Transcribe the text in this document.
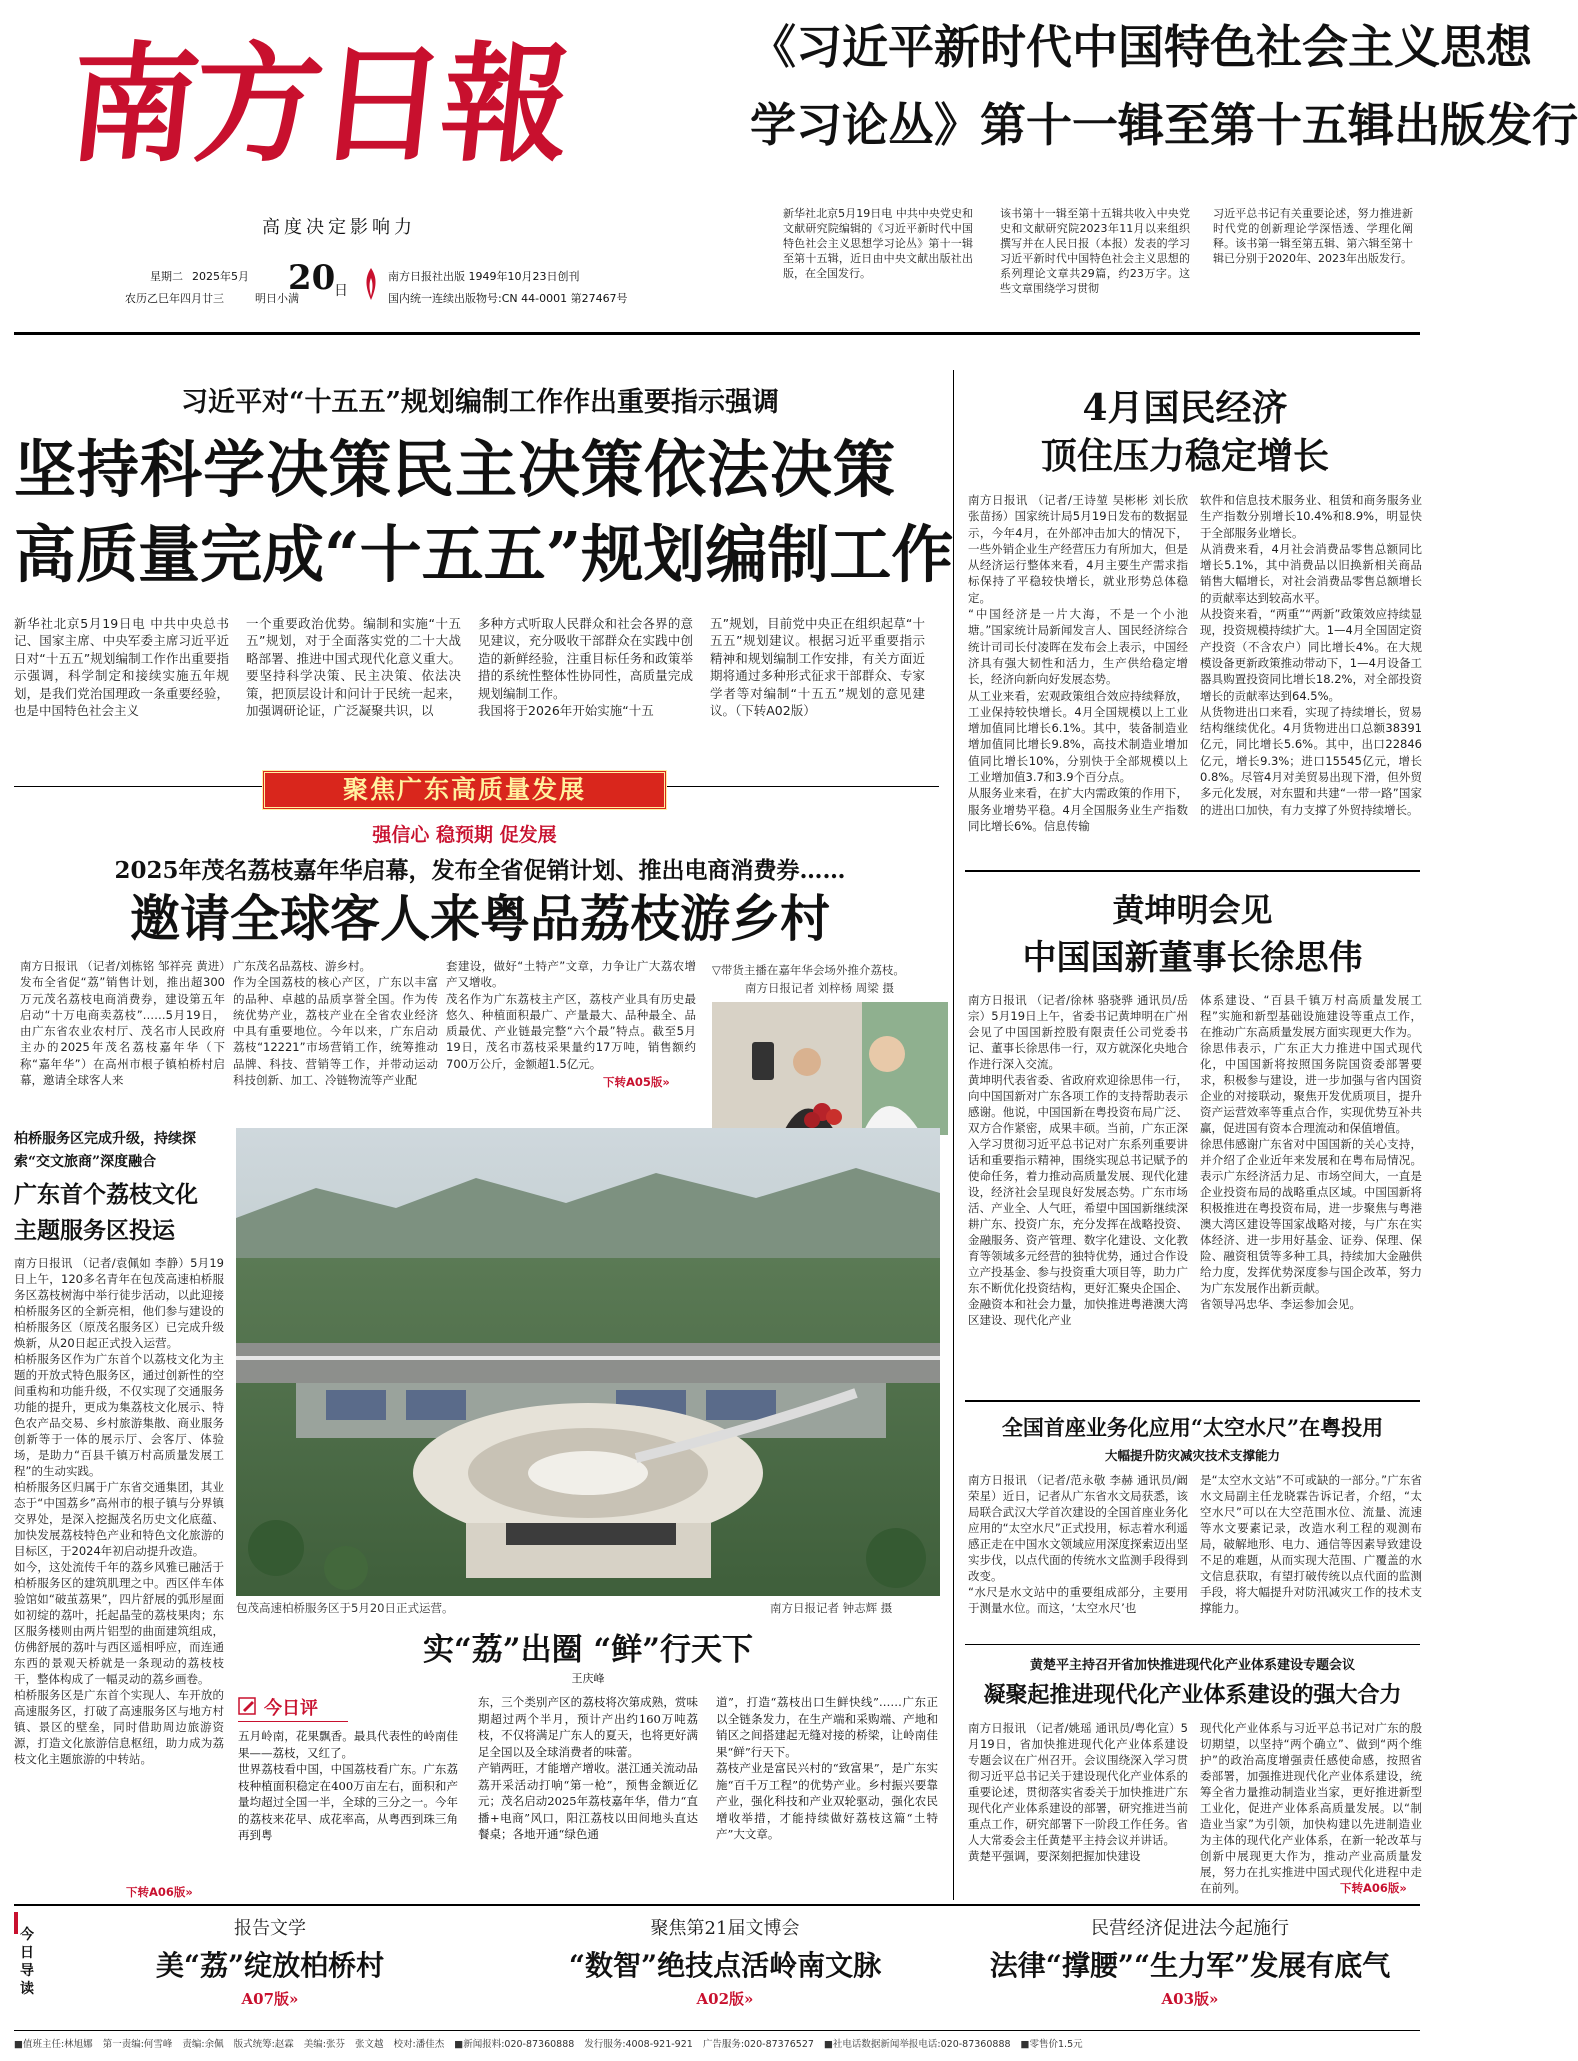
南方日報
高度决定影响力
星期二 2025年5月
农历乙巳年四月廿三	明日小满
20
日
南方日报社出版 1949年10月23日创刊
国内统一连续出版物号:CN 44-0001 第27467号
《习近平新时代中国特色社会主义思想
学习论丛》第十一辑至第十五辑出版发行
新华社北京5月19日电 中共中央党史和文献研究院编辑的《习近平新时代中国特色社会主义思想学习论丛》第十一辑至第十五辑，近日由中央文献出版社出版，在全国发行。
该书第十一辑至第十五辑共收入中央党史和文献研究院2023年11月以来组织撰写并在人民日报（本报）发表的学习习近平新时代中国特色社会主义思想的系列理论文章共29篇，约23万字。这些文章围绕学习贯彻
习近平总书记有关重要论述，努力推进新时代党的创新理论学深悟透、学理化阐释。该书第一辑至第五辑、第六辑至第十辑已分别于2020年、2023年出版发行。
习近平对“十五五”规划编制工作作出重要指示强调
坚持科学决策民主决策依法决策
高质量完成“十五五”规划编制工作
新华社北京5月19日电 中共中央总书记、国家主席、中央军委主席习近平近日对“十五五”规划编制工作作出重要指示强调，科学制定和接续实施五年规划，是我们党治国理政一条重要经验，也是中国特色社会主义
一个重要政治优势。编制和实施“十五五”规划，对于全面落实党的二十大战略部署、推进中国式现代化意义重大。要坚持科学决策、民主决策、依法决策，把顶层设计和问计于民统一起来，加强调研论证，广泛凝聚共识，以
多种方式听取人民群众和社会各界的意见建议，充分吸收干部群众在实践中创造的新鲜经验，注重目标任务和政策举措的系统性整体性协同性，高质量完成规划编制工作。
我国将于2026年开始实施“十五
五”规划，目前党中央正在组织起草“十五五”规划建议。根据习近平重要指示精神和规划编制工作安排，有关方面近期将通过多种形式征求干部群众、专家学者等对编制“十五五”规划的意见建议。（下转A02版）
4月国民经济
顶住压力稳定增长
南方日报讯 （记者/王诗堃 吴彬彬 刘长欣 张苗扬）国家统计局5月19日发布的数据显示，今年4月，在外部冲击加大的情况下，一些外销企业生产经营压力有所加大，但是从经济运行整体来看，4月主要生产需求指标保持了平稳较快增长，就业形势总体稳定。
“中国经济是一片大海，不是一个小池塘。”国家统计局新闻发言人、国民经济综合统计司司长付凌晖在发布会上表示，中国经济具有强大韧性和活力，生产供给稳定增长，经济向新向好发展态势。
从工业来看，宏观政策组合效应持续释放，工业保持较快增长。4月全国规模以上工业增加值同比增长6.1%。其中，装备制造业增加值同比增长9.8%，高技术制造业增加值同比增长10%，分别快于全部规模以上工业增加值3.7和3.9个百分点。
从服务业来看，在扩大内需政策的作用下，服务业增势平稳。4月全国服务业生产指数同比增长6%。信息传输
软件和信息技术服务业、租赁和商务服务业生产指数分别增长10.4%和8.9%，明显快于全部服务业增长。
从消费来看，4月社会消费品零售总额同比增长5.1%，其中消费品以旧换新相关商品销售大幅增长，对社会消费品零售总额增长的贡献率达到较高水平。
从投资来看，“两重”“两新”政策效应持续显现，投资规模持续扩大。1—4月全国固定资产投资（不含农户）同比增长4%。在大规模设备更新政策推动带动下，1—4月设备工器具购置投资同比增长18.2%，对全部投资增长的贡献率达到64.5%。
从货物进出口来看，实现了持续增长，贸易结构继续优化。4月货物进出口总额38391亿元，同比增长5.6%。其中，出口22846亿元，增长9.3%；进口15545亿元，增长0.8%。尽管4月对美贸易出现下滑，但外贸多元化发展，对东盟和共建“一带一路”国家的进出口加快，有力支撑了外贸持续增长。
聚焦广东高质量发展
强信心 稳预期 促发展
2025年茂名荔枝嘉年华启幕，发布全省促销计划、推出电商消费券……
邀请全球客人来粤品荔枝游乡村
南方日报讯 （记者/刘栋铭 邹祥亮 黄进）发布全省促“荔”销售计划，推出超300万元茂名荔枝电商消费券，建设第五年启动“十万电商卖荔枝”……5月19日，由广东省农业农村厅、茂名市人民政府主办的2025年茂名荔枝嘉年华（下称“嘉年华”）在高州市根子镇柏桥村启幕，邀请全球客人来
广东茂名品荔枝、游乡村。
作为全国荔枝的核心产区，广东以丰富的品种、卓越的品质享誉全国。作为传统优势产业，荔枝产业在全省农业经济中具有重要地位。今年以来，广东启动荔枝“12221”市场营销工作，统筹推动品牌、科技、营销等工作，并带动运动科技创新、加工、冷链物流等产业配
套建设，做好“土特产”文章，力争让广大荔农增产又增收。
茂名作为广东荔枝主产区，荔枝产业具有历史最悠久、种植面积最广、产量最大、品种最全、品质最优、产业链最完整“六个最”特点。截至5月19日，茂名市荔枝采果量约17万吨，销售额约700万公斤，金额超1.5亿元。
下转A05版»
▽带货主播在嘉年华会场外推介荔枝。
南方日报记者 刘梓杨 周梁 摄
柏桥服务区完成升级，持续探索“交文旅商”深度融合
广东首个荔枝文化
主题服务区投运
南方日报讯 （记者/袁佩如 李静）5月19日上午，120多名青年在包茂高速柏桥服务区荔枝树海中举行徒步活动，以此迎接柏桥服务区的全新亮相，他们参与建设的柏桥服务区（原茂名服务区）已完成升级焕新，从20日起正式投入运营。
柏桥服务区作为广东首个以荔枝文化为主题的开放式特色服务区，通过创新性的空间重构和功能升级，不仅实现了交通服务功能的提升，更成为集荔枝文化展示、特色农产品交易、乡村旅游集散、商业服务创新等于一体的展示厅、会客厅、体验场，是助力“百县千镇万村高质量发展工程”的生动实践。
柏桥服务区归属于广东省交通集团，其业态于“中国荔乡”高州市的根子镇与分界镇交界处，是深入挖掘茂名历史文化底蕴、加快发展荔枝特色产业和特色文化旅游的目标区，于2024年初启动提升改造。
如今，这处流传千年的荔乡风雅已融活于柏桥服务区的建筑肌理之中。西区伴车体验馆如“破茧荔果”，四片舒展的弧形屋面如初绽的荔叶，托起晶莹的荔枝果肉；东区服务楼则由两片铝型的曲面建筑组成，仿佛舒展的荔叶与西区遥相呼应，而连通东西的景观天桥就是一条现动的荔枝枝干，整体构成了一幅灵动的荔乡画卷。
柏桥服务区是广东首个实现人、车开放的高速服务区，打破了高速服务区与地方村镇、景区的壁垒，同时借助周边旅游资源，打造文化旅游信息枢纽，助力成为荔枝文化主题旅游的中转站。
下转A06版»
包茂高速柏桥服务区于5月20日正式运营。	南方日报记者 钟志辉 摄
实“荔”出圈 “鲜”行天下
王庆峰
今日评
五月岭南，花果飘香。最具代表性的岭南佳果——荔枝，又红了。
世界荔枝看中国，中国荔枝看广东。广东荔枝种植面积稳定在400万亩左右，面积和产量均超过全国一半，全球的三分之一。今年的荔枝来花早、成花率高，从粤西到珠三角再到粤
东，三个类别产区的荔枝将次第成熟，赏味期超过两个半月，预计产出约160万吨荔枝，不仅将满足广东人的夏天，也将更好满足全国以及全球消费者的味蕾。
产销两旺，才能增产增收。湛江通关流动品荔开采活动打响“第一枪”，预售金额近亿元；茂名启动2025年荔枝嘉年华，借力“直播+电商”风口，阳江荔枝以田间地头直达餐桌；各地开通“绿色通
道”，打造“荔枝出口生鲜快线”……广东正以全链条发力，在生产端和采购端、产地和销区之间搭建起无缝对接的桥梁，让岭南佳果“鲜”行天下。
荔枝产业是富民兴村的“致富果”，是广东实施“百千万工程”的优势产业。乡村振兴要靠产业，强化科技和产业双轮驱动，强化农民增收举措，才能持续做好荔枝这篇“土特产”大文章。
黄坤明会见
中国国新董事长徐思伟
南方日报讯 （记者/徐林 骆骁骅 通讯员/岳宗）5月19日上午，省委书记黄坤明在广州会见了中国国新控股有限责任公司党委书记、董事长徐思伟一行，双方就深化央地合作进行深入交流。
黄坤明代表省委、省政府欢迎徐思伟一行，向中国国新对广东各项工作的支持帮助表示感谢。他说，中国国新在粤投资布局广泛、双方合作紧密，成果丰硕。当前，广东正深入学习贯彻习近平总书记对广东系列重要讲话和重要指示精神，围绕实现总书记赋予的使命任务，着力推动高质量发展、现代化建设，经济社会呈现良好发展态势。广东市场活、产业全、人气旺，希望中国国新继续深耕广东、投资广东，充分发挥在战略投资、金融服务、资产管理、数字化建设、文化教育等领域多元经营的独特优势，通过合作设立产投基金、参与投资重大项目等，助力广东不断优化投资结构，更好汇聚央企国企、金融资本和社会力量，加快推进粤港澳大湾区建设、现代化产业
体系建设、“百县千镇万村高质量发展工程”实施和新型基础设施建设等重点工作，在推动广东高质量发展方面实现更大作为。
徐思伟表示，广东正大力推进中国式现代化，中国国新将按照国务院国资委部署要求，积极参与建设，进一步加强与省内国资企业的对接联动，聚焦开发优质项目，提升资产运营效率等重点合作，实现优势互补共赢，促进国有资本合理流动和保值增值。
徐思伟感谢广东省对中国国新的关心支持，并介绍了企业近年来发展和在粤布局情况。表示广东经济活力足、市场空间大，一直是企业投资布局的战略重点区域。中国国新将积极推进在粤投资布局，进一步聚焦与粤港澳大湾区建设等国家战略对接，与广东在实体经济、进一步用好基金、证券、保理、保险、融资租赁等多种工具，持续加大金融供给力度，发挥优势深度参与国企改革，努力为广东发展作出新贡献。
省领导冯忠华、李运参加会见。
全国首座业务化应用“太空水尺”在粤投用
大幅提升防灾减灾技术支撑能力
南方日报讯 （记者/范永敬 李赫 通讯员/阚荣星）近日，记者从广东省水文局获悉，该局联合武汉大学首次建设的全国首座业务化应用的“太空水尺”正式投用，标志着水利遥感正走在中国水文领域应用深度探索迈出坚实步伐，以点代面的传统水文监测手段得到改变。
“水尺是水文站中的重要组成部分，主要用于测量水位。而这，‘太空水尺’也
是“太空水文站”不可或缺的一部分。”广东省水文局副主任龙晓霖告诉记者，介绍，“太空水尺”可以在大空范围水位、流量、流速等水文要素记录，改造水利工程的观测布局，破解地形、电力、通信等因素导致建设不足的难题，从而实现大范围、广覆盖的水文信息获取，有望打破传统以点代面的监测手段，将大幅提升对防汛减灾工作的技术支撑能力。
黄楚平主持召开省加快推进现代化产业体系建设专题会议
凝聚起推进现代化产业体系建设的强大合力
南方日报讯 （记者/姚瑶 通讯员/粤化宣）5月19日，省加快推进现代化产业体系建设专题会议在广州召开。会议围绕深入学习贯彻习近平总书记关于建设现代化产业体系的重要论述，贯彻落实省委关于加快推进广东现代化产业体系建设的部署，研究推进当前重点工作，研究部署下一阶段工作任务。省人大常委会主任黄楚平主持会议并讲话。
黄楚平强调，要深刻把握加快建设
现代化产业体系与习近平总书记对广东的殷切期望，以坚持“两个确立”、做到“两个维护”的政治高度增强责任感使命感，按照省委部署，加强推进现代化产业体系建设，统筹全省力量推动制造业当家，更好推进新型工业化，促进产业体系高质量发展。以“制造业当家”为引领，加快构建以先进制造业为主体的现代化产业体系，在新一轮改革与创新中展现更大作为，推动产业高质量发展，努力在扎实推进中国式现代化进程中走在前列。	下转A06版»
今日导读
报告文学
美“荔”绽放柏桥村
A07版»
聚焦第21届文博会
“数智”绝技点活岭南文脉
A02版»
民营经济促进法今起施行
法律“撑腰”“生力军”发展有底气
A03版»
■值班主任:林旭娜 第一责编:何雪峰 责编:余佩 版式统筹:赵霖 美编:张芬 张文越 校对:潘佳杰 ■新闻报料:020-87360888 发行服务:4008-921-921 广告服务:020-87376527 ■社电话数据新闻举报电话:020-87360888 ■零售价1.5元
